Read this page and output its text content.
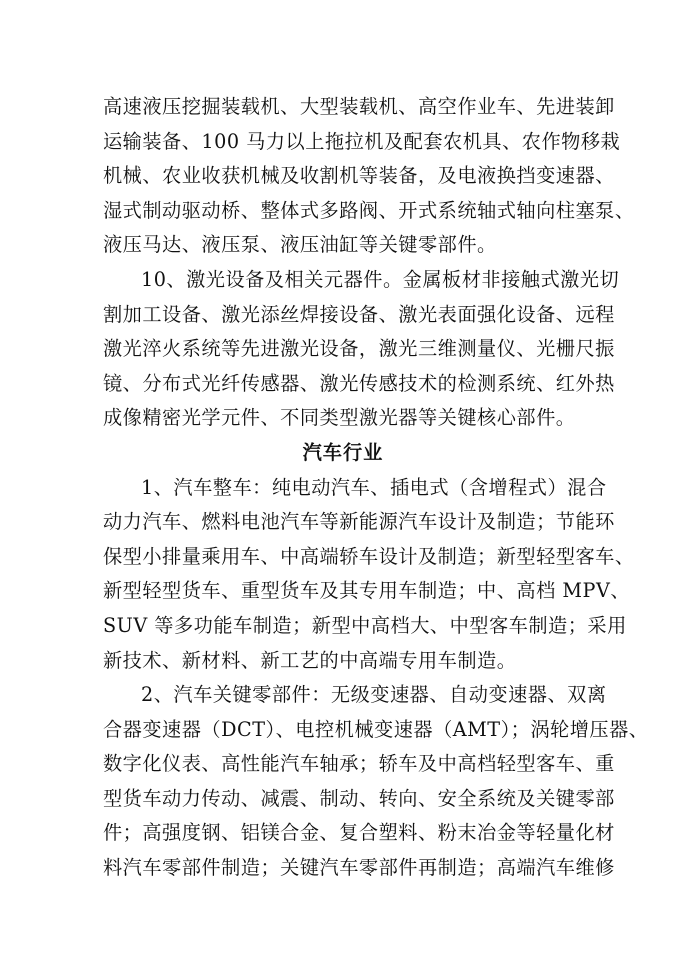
高速液压挖掘装载机、大型装载机、高空作业车、先进装卸
运输装备、100 马力以上拖拉机及配套农机具、农作物移栽
机械、农业收获机械及收割机等装备，及电液换挡变速器、
湿式制动驱动桥、整体式多路阀、开式系统轴式轴向柱塞泵、
液压马达、液压泵、液压油缸等关键零部件。
10、激光设备及相关元器件。金属板材非接触式激光切
割加工设备、激光添丝焊接设备、激光表面强化设备、远程
激光淬火系统等先进激光设备，激光三维测量仪、光栅尺振
镜、分布式光纤传感器、激光传感技术的检测系统、红外热
成像精密光学元件、不同类型激光器等关键核心部件。
汽车行业
1、汽车整车：纯电动汽车、插电式（含增程式）混合
动力汽车、燃料电池汽车等新能源汽车设计及制造；节能环
保型小排量乘用车、中高端轿车设计及制造；新型轻型客车、
新型轻型货车、重型货车及其专用车制造；中、高档 MPV、
SUV 等多功能车制造；新型中高档大、中型客车制造；采用
新技术、新材料、新工艺的中高端专用车制造。
2、汽车关键零部件：无级变速器、自动变速器、双离
合器变速器（DCT）、电控机械变速器（AMT）；涡轮增压器、
数字化仪表、高性能汽车轴承；轿车及中高档轻型客车、重
型货车动力传动、减震、制动、转向、安全系统及关键零部
件；高强度钢、铝镁合金、复合塑料、粉末冶金等轻量化材
料汽车零部件制造；关键汽车零部件再制造；高端汽车维修
